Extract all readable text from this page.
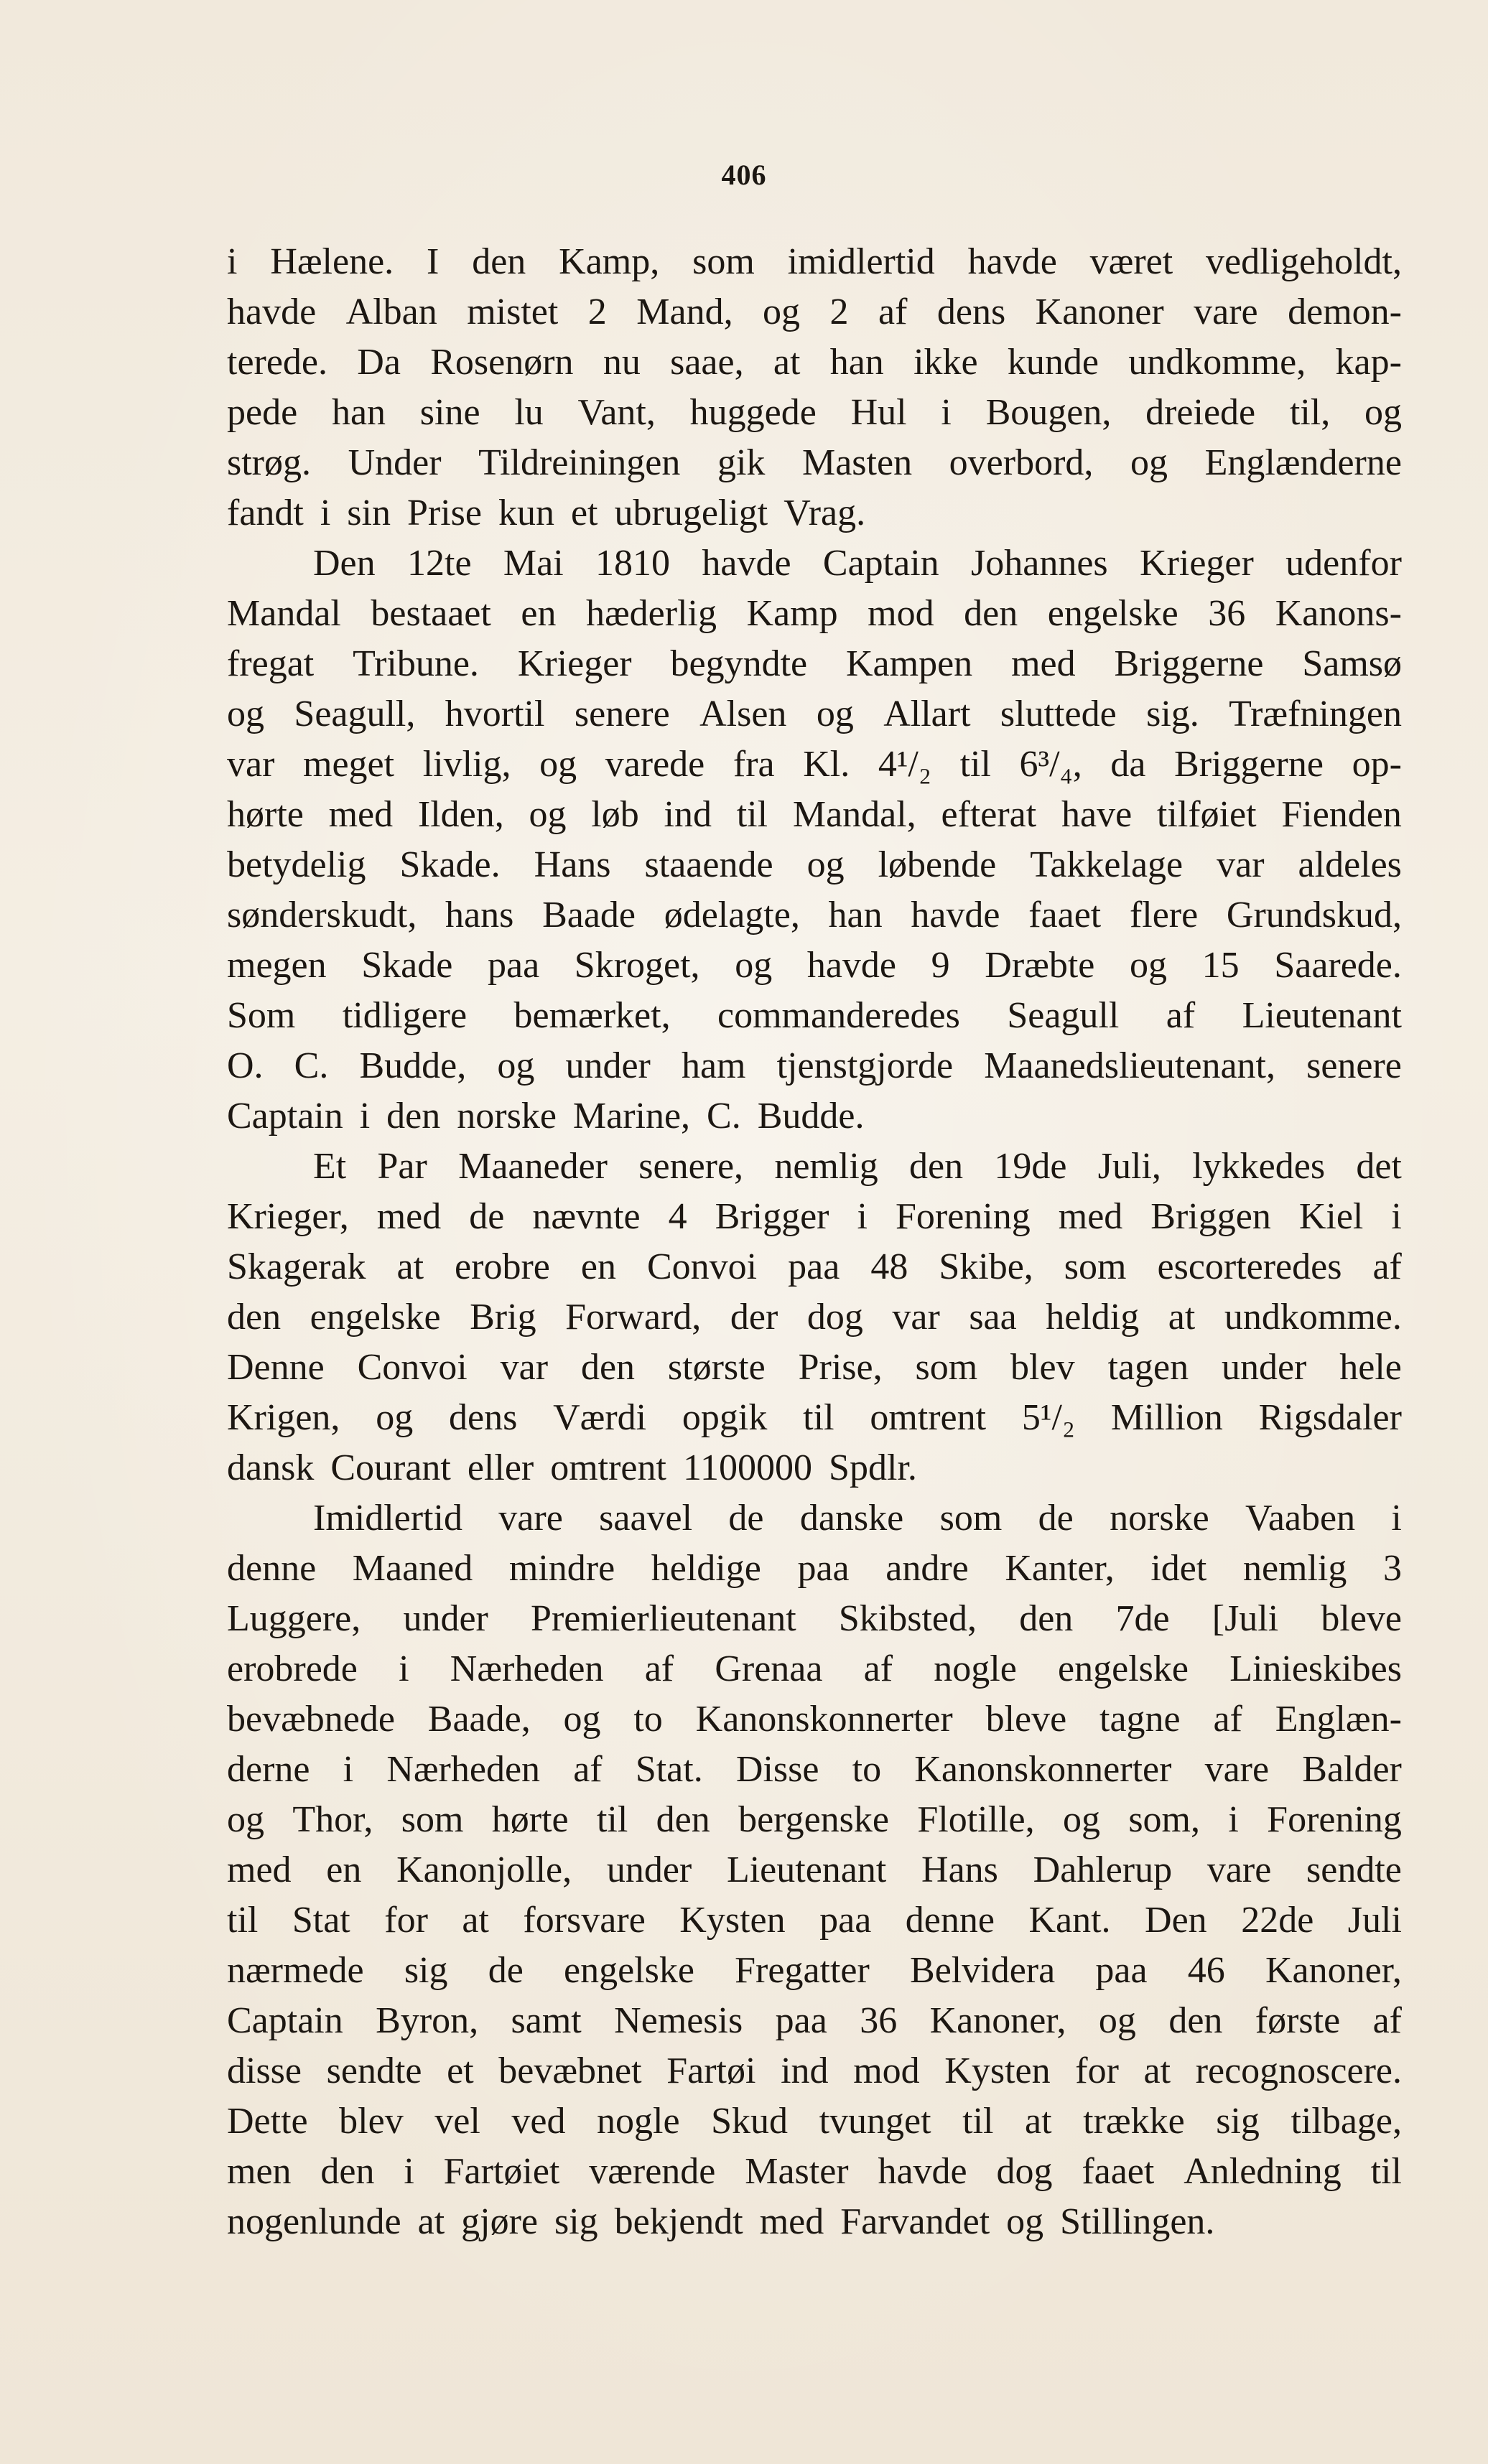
406
i Hælene. I den Kamp, som imidlertid havde været vedligeholdt,
havde Alban mistet 2 Mand, og 2 af dens Kanoner vare demon-
terede. Da Rosenørn nu saae, at han ikke kunde undkomme, kap-
pede han sine lu Vant, huggede Hul i Bougen, dreiede til, og
strøg. Under Tildreiningen gik Masten overbord, og Englænderne
fandt i sin Prise kun et ubrugeligt Vrag.
Den 12te Mai 1810 havde Captain Johannes Krieger udenfor
Mandal bestaaet en hæderlig Kamp mod den engelske 36 Kanons-
fregat Tribune. Krieger begyndte Kampen med Briggerne Samsø
og Seagull, hvortil senere Alsen og Allart sluttede sig. Træfningen
var meget livlig, og varede fra Kl. 4¹/₂ til 6³/₄, da Briggerne op-
hørte med Ilden, og løb ind til Mandal, efterat have tilføiet Fienden
betydelig Skade. Hans staaende og løbende Takkelage var aldeles
sønderskudt, hans Baade ødelagte, han havde faaet flere Grundskud,
megen Skade paa Skroget, og havde 9 Dræbte og 15 Saarede.
Som tidligere bemærket, commanderedes Seagull af Lieutenant
O. C. Budde, og under ham tjenstgjorde Maanedslieutenant, senere
Captain i den norske Marine, C. Budde.
Et Par Maaneder senere, nemlig den 19de Juli, lykkedes det
Krieger, med de nævnte 4 Brigger i Forening med Briggen Kiel i
Skagerak at erobre en Convoi paa 48 Skibe, som escorteredes af
den engelske Brig Forward, der dog var saa heldig at undkomme.
Denne Convoi var den største Prise, som blev tagen under hele
Krigen, og dens Værdi opgik til omtrent 5¹/₂ Million Rigsdaler
dansk Courant eller omtrent 1100000 Spdlr.
Imidlertid vare saavel de danske som de norske Vaaben i
denne Maaned mindre heldige paa andre Kanter, idet nemlig 3
Luggere, under Premierlieutenant Skibsted, den 7de [Juli bleve
erobrede i Nærheden af Grenaa af nogle engelske Linieskibes
bevæbnede Baade, og to Kanonskonnerter bleve tagne af Englæn-
derne i Nærheden af Stat. Disse to Kanonskonnerter vare Balder
og Thor, som hørte til den bergenske Flotille, og som, i Forening
med en Kanonjolle, under Lieutenant Hans Dahlerup vare sendte
til Stat for at forsvare Kysten paa denne Kant. Den 22de Juli
nærmede sig de engelske Fregatter Belvidera paa 46 Kanoner,
Captain Byron, samt Nemesis paa 36 Kanoner, og den første af
disse sendte et bevæbnet Fartøi ind mod Kysten for at recognoscere.
Dette blev vel ved nogle Skud tvunget til at trække sig tilbage,
men den i Fartøiet værende Master havde dog faaet Anledning til
nogenlunde at gjøre sig bekjendt med Farvandet og Stillingen.
